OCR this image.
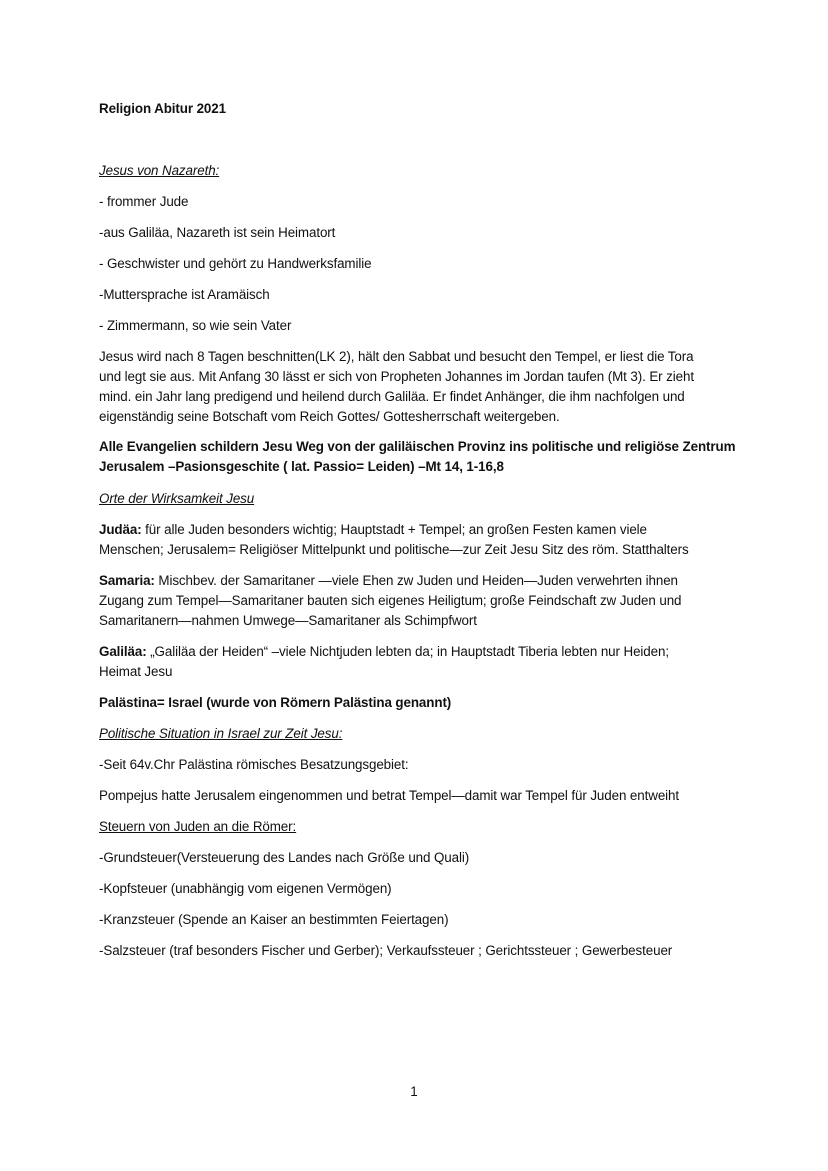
Religion Abitur 2021
Jesus von Nazareth:
- frommer Jude
-aus Galiläa, Nazareth ist sein Heimatort
- Geschwister und gehört zu Handwerksfamilie
-Muttersprache ist Aramäisch
- Zimmermann, so wie sein Vater
Jesus wird nach 8 Tagen beschnitten(LK 2), hält den Sabbat und besucht den Tempel, er liest die Tora
und legt sie aus. Mit Anfang 30 lässt er sich von Propheten Johannes im Jordan taufen (Mt 3). Er zieht
mind. ein Jahr lang predigend und heilend durch Galiläa. Er findet Anhänger, die ihm nachfolgen und
eigenständig seine Botschaft vom Reich Gottes/ Gottesherrschaft weitergeben.
Alle Evangelien schildern Jesu Weg von der galiläischen Provinz ins politische und religiöse Zentrum
Jerusalem –Pasionsgeschite ( lat. Passio= Leiden) –Mt 14, 1-16,8
Orte der Wirksamkeit Jesu
Judäa: für alle Juden besonders wichtig; Hauptstadt + Tempel; an großen Festen kamen viele
Menschen; Jerusalem= Religiöser Mittelpunkt und politische—zur Zeit Jesu Sitz des röm. Statthalters
Samaria: Mischbev. der Samaritaner —viele Ehen zw Juden und Heiden—Juden verwehrten ihnen
Zugang zum Tempel—Samaritaner bauten sich eigenes Heiligtum; große Feindschaft zw Juden und
Samaritanern—nahmen Umwege—Samaritaner als Schimpfwort
Galiläa: „Galiläa der Heiden“ –viele Nichtjuden lebten da; in Hauptstadt Tiberia lebten nur Heiden;
Heimat Jesu
Palästina= Israel (wurde von Römern Palästina genannt)
Politische Situation in Israel zur Zeit Jesu:
-Seit 64v.Chr Palästina römisches Besatzungsgebiet:
Pompejus hatte Jerusalem eingenommen und betrat Tempel—damit war Tempel für Juden entweiht
Steuern von Juden an die Römer:
-Grundsteuer(Versteuerung des Landes nach Größe und Quali)
-Kopfsteuer (unabhängig vom eigenen Vermögen)
-Kranzsteuer (Spende an Kaiser an bestimmten Feiertagen)
-Salzsteuer (traf besonders Fischer und Gerber); Verkaufssteuer ; Gerichtssteuer ; Gewerbesteuer
1
